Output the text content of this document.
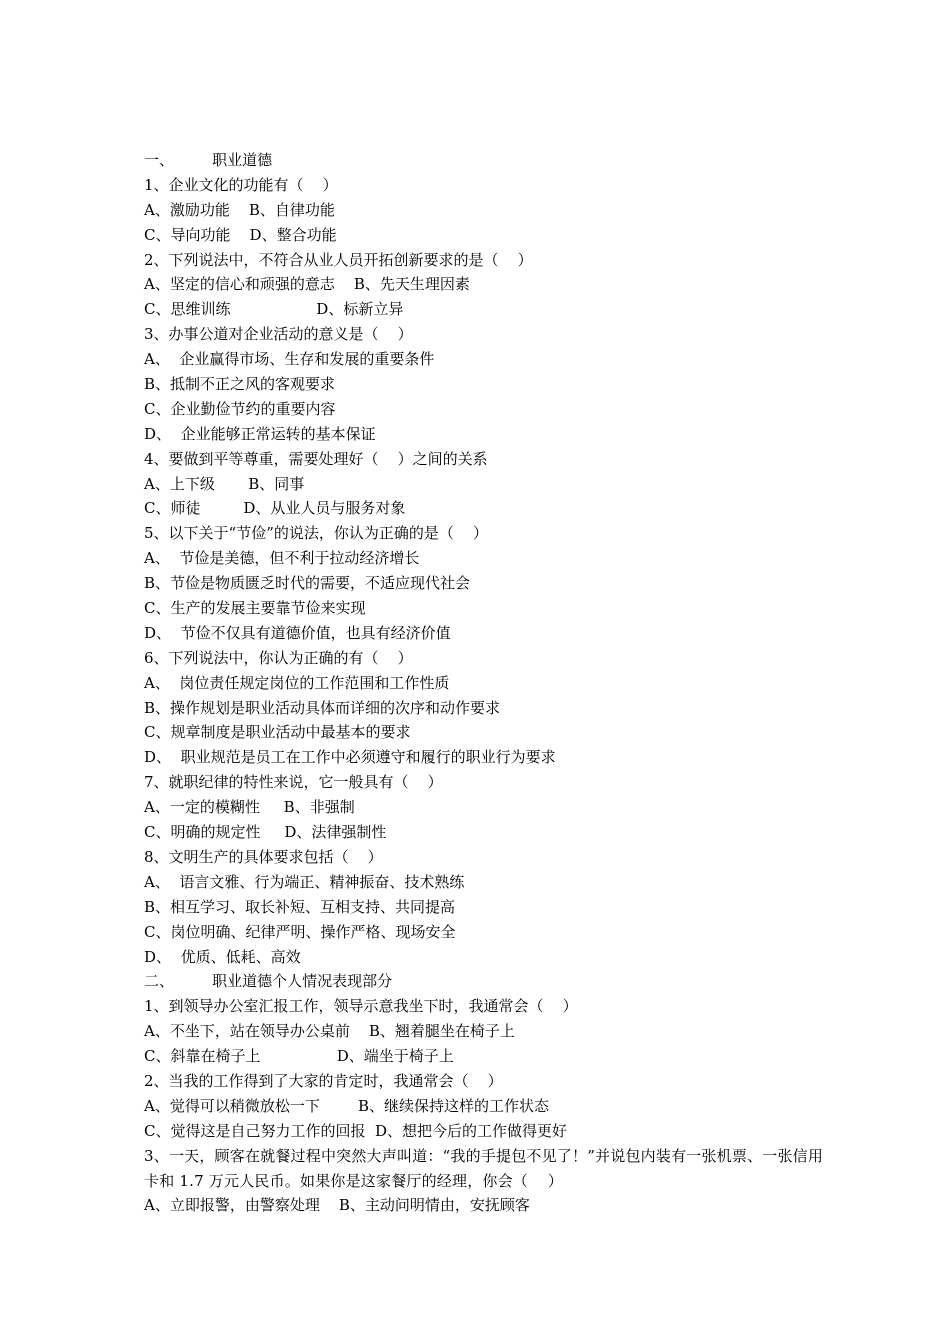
一、        职业道德
1、企业文化的功能有（    ）
A、激励功能    B、自律功能
C、导向功能    D、整合功能
2、下列说法中，不符合从业人员开拓创新要求的是（    ）
A、坚定的信心和顽强的意志    B、先天生理因素
C、思维训练                  D、标新立异
3、办事公道对企业活动的意义是（    ）
A、  企业赢得市场、生存和发展的重要条件
B、抵制不正之风的客观要求
C、企业勤俭节约的重要内容
D、  企业能够正常运转的基本保证
4、要做到平等尊重，需要处理好（    ）之间的关系
A、上下级       B、同事
C、师徒         D、从业人员与服务对象
5、以下关于“节俭”的说法，你认为正确的是（    ）
A、  节俭是美德，但不利于拉动经济增长
B、节俭是物质匮乏时代的需要，不适应现代社会
C、生产的发展主要靠节俭来实现
D、  节俭不仅具有道德价值，也具有经济价值
6、下列说法中，你认为正确的有（    ）
A、  岗位责任规定岗位的工作范围和工作性质
B、操作规划是职业活动具体而详细的次序和动作要求
C、规章制度是职业活动中最基本的要求
D、  职业规范是员工在工作中必须遵守和履行的职业行为要求
7、就职纪律的特性来说，它一般具有（    ）
A、一定的模糊性     B、非强制
C、明确的规定性     D、法律强制性
8、文明生产的具体要求包括（    ）
A、  语言文雅、行为端正、精神振奋、技术熟练
B、相互学习、取长补短、互相支持、共同提高
C、岗位明确、纪律严明、操作严格、现场安全
D、  优质、低耗、高效
二、        职业道德个人情况表现部分
1、到领导办公室汇报工作，领导示意我坐下时，我通常会（    ）
A、不坐下，站在领导办公桌前    B、翘着腿坐在椅子上
C、斜靠在椅子上                D、端坐于椅子上
2、当我的工作得到了大家的肯定时，我通常会（    ）
A、觉得可以稍微放松一下        B、继续保持这样的工作状态
C、觉得这是自己努力工作的回报  D、想把今后的工作做得更好
3、一天，顾客在就餐过程中突然大声叫道：“我的手提包不见了！”并说包内装有一张机票、一张信用卡和 1.7 万元人民币。如果你是这家餐厅的经理，你会（    ）
A、立即报警，由警察处理    B、主动问明情由，安抚顾客
